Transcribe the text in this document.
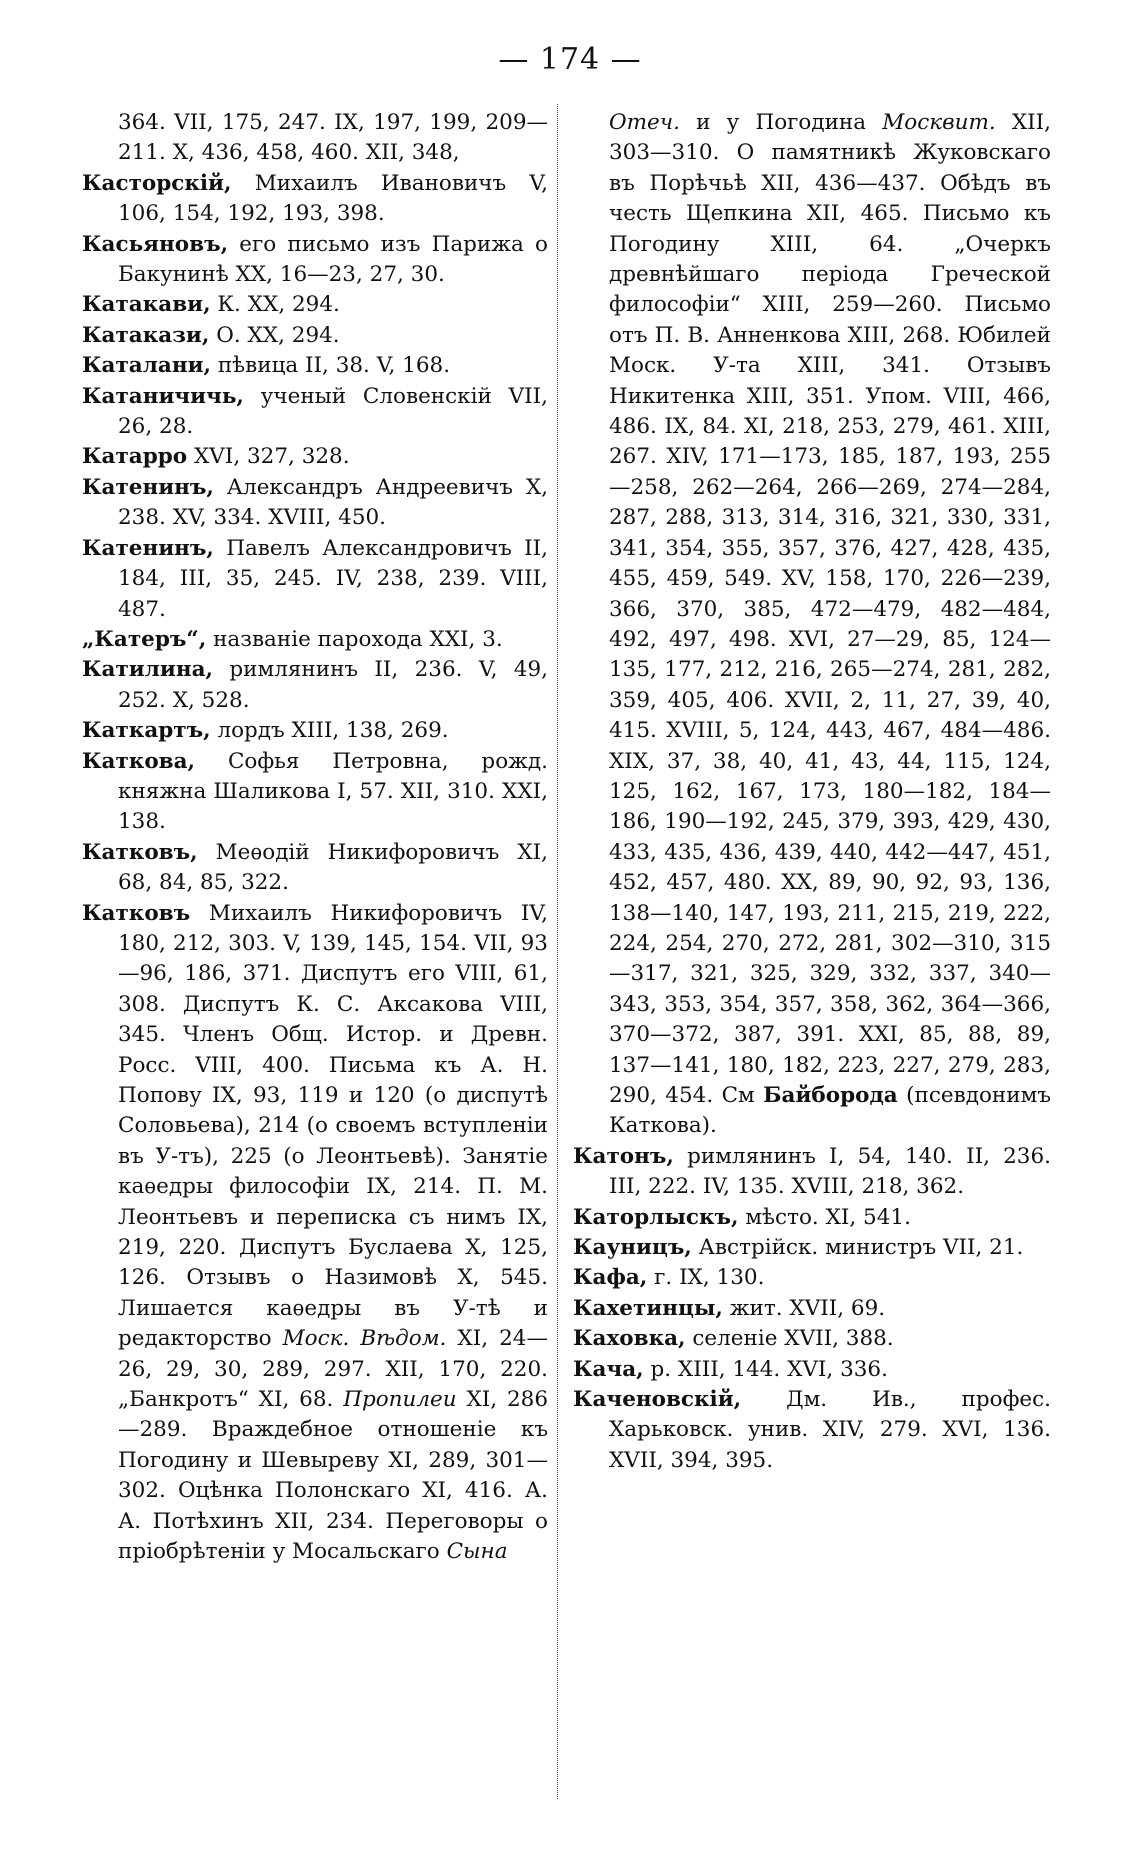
— 174 —

364. VII, 175, 247. IX, 197, 199, 209—211. X, 436, 458, 460. XII, 348,

Касторскій, Михаилъ Ивановичъ V, 106, 154, 192, 193, 398.

Касьяновъ, его письмо изъ Парижа о Бакунинѣ XX, 16—23, 27, 30.

Катакави, К. XX, 294.

Катакази, О. XX, 294.

Каталани, пѣвица II, 38. V, 168.

Катаничичь, ученый Словенскій VII, 26, 28.

Катарро XVI, 327, 328.

Катенинъ, Александръ Андреевичъ X, 238. XV, 334. XVIII, 450.

Катенинъ, Павелъ Александровичъ II, 184, III, 35, 245. IV, 238, 239. VIII, 487.

„Катеръ“, названіе парохода XXI, 3.

Катилина, римлянинъ II, 236. V, 49, 252. X, 528.

Каткартъ, лордъ XIII, 138, 269.

Каткова, Софья Петровна, рожд. княжна Шаликова I, 57. XII, 310. XXI, 138.

Катковъ, Меѳодій Никифоровичъ XI, 68, 84, 85, 322.

Катковъ Михаилъ Никифоровичъ IV, 180, 212, 303. V, 139, 145, 154. VII, 93—96, 186, 371. Диспутъ его VIII, 61, 308. Диспутъ К. С. Аксакова VIII, 345. Членъ Общ. Истор. и Древн. Росс. VIII, 400. Письма къ А. Н. Попову IX, 93, 119 и 120 (о диспутѣ Соловьева), 214 (о своемъ вступленіи въ У-тъ), 225 (о Леонтьевѣ). Занятіе каѳедры философіи IX, 214. П. М. Леонтьевъ и переписка съ нимъ IX, 219, 220. Диспутъ Буслаева X, 125, 126. Отзывъ о Назимовѣ X, 545. Лишается каѳедры въ У-тѣ и редакторство Моск. Вѣдом. XI, 24—26, 29, 30, 289, 297. XII, 170, 220. „Банкротъ“ XI, 68. Пропилеи XI, 286—289. Враждебное отношеніе къ Погодину и Шевыреву XI, 289, 301—302. Оцѣнка Полонскаго XI, 416. А. А. Потѣхинъ XII, 234. Переговоры о пріобрѣтеніи у Мосальскаго Сына

Отеч. и у Погодина Москвит. XII, 303—310. О памятникѣ Жуковскаго въ Порѣчьѣ XII, 436—437. Обѣдъ въ честь Щепкина XII, 465. Письмо къ Погодину XIII, 64. „Очеркъ древнѣйшаго періода Греческой философіи“ XIII, 259—260. Письмо отъ П. В. Анненкова XIII, 268. Юбилей Моск. У-та XIII, 341. Отзывъ Никитенка XIII, 351. Упом. VIII, 466, 486. IX, 84. XI, 218, 253, 279, 461. XIII, 267. XIV, 171—173, 185, 187, 193, 255—258, 262—264, 266—269, 274—284, 287, 288, 313, 314, 316, 321, 330, 331, 341, 354, 355, 357, 376, 427, 428, 435, 455, 459, 549. XV, 158, 170, 226—239, 366, 370, 385, 472—479, 482—484, 492, 497, 498. XVI, 27—29, 85, 124—135, 177, 212, 216, 265—274, 281, 282, 359, 405, 406. XVII, 2, 11, 27, 39, 40, 415. XVIII, 5, 124, 443, 467, 484—486. XIX, 37, 38, 40, 41, 43, 44, 115, 124, 125, 162, 167, 173, 180—182, 184—186, 190—192, 245, 379, 393, 429, 430, 433, 435, 436, 439, 440, 442—447, 451, 452, 457, 480. XX, 89, 90, 92, 93, 136, 138—140, 147, 193, 211, 215, 219, 222, 224, 254, 270, 272, 281, 302—310, 315—317, 321, 325, 329, 332, 337, 340—343, 353, 354, 357, 358, 362, 364—366, 370—372, 387, 391. XXI, 85, 88, 89, 137—141, 180, 182, 223, 227, 279, 283, 290, 454. См Байборода (псевдонимъ Каткова).

Катонъ, римлянинъ I, 54, 140. II, 236. III, 222. IV, 135. XVIII, 218, 362.

Каторлыскъ, мѣсто. XI, 541.

Кауницъ, Австрійск. министръ VII, 21.

Кафа, г. IX, 130.

Кахетинцы, жит. XVII, 69.

Каховка, селеніе XVII, 388.

Кача, р. XIII, 144. XVI, 336.

Каченовскій, Дм. Ив., профес. Харьковск. унив. XIV, 279. XVI, 136. XVII, 394, 395.
